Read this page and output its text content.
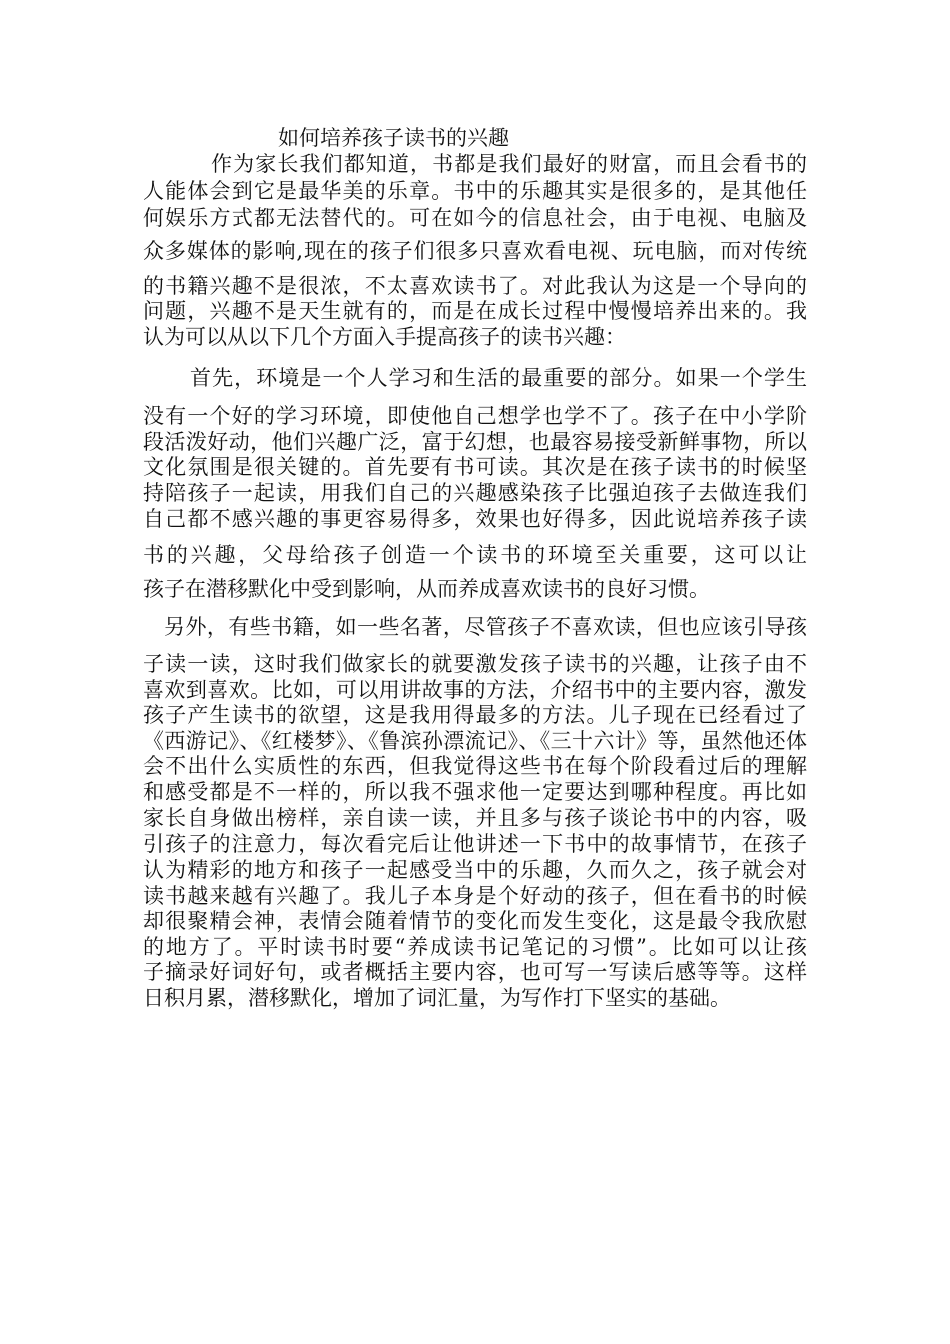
如何培养孩子读书的兴趣
作为家长我们都知道，书都是我们最好的财富，而且会看书的
人能体会到它是最华美的乐章。书中的乐趣其实是很多的，是其他任
何娱乐方式都无法替代的。可在如今的信息社会，由于电视、电脑及
众多媒体的影响,现在的孩子们很多只喜欢看电视、玩电脑，而对传统
的书籍兴趣不是很浓，不太喜欢读书了。对此我认为这是一个导向的
问题，兴趣不是天生就有的，而是在成长过程中慢慢培养出来的。我
认为可以从以下几个方面入手提高孩子的读书兴趣：
首先，环境是一个人学习和生活的最重要的部分。如果一个学生
没有一个好的学习环境，即使他自己想学也学不了。孩子在中小学阶
段活泼好动，他们兴趣广泛，富于幻想，也最容易接受新鲜事物，所以
文化氛围是很关键的。首先要有书可读。其次是在孩子读书的时候坚
持陪孩子一起读，用我们自己的兴趣感染孩子比强迫孩子去做连我们
自己都不感兴趣的事更容易得多，效果也好得多，因此说培养孩子读
书的兴趣，父母给孩子创造一个读书的环境至关重要，这可以让
孩子在潜移默化中受到影响，从而养成喜欢读书的良好习惯。
另外，有些书籍，如一些名著，尽管孩子不喜欢读，但也应该引导孩
子读一读，这时我们做家长的就要激发孩子读书的兴趣，让孩子由不
喜欢到喜欢。比如，可以用讲故事的方法，介绍书中的主要内容，激发
孩子产生读书的欲望，这是我用得最多的方法。儿子现在已经看过了
《西游记》、《红楼梦》、《鲁滨孙漂流记》、《三十六计》等，虽然他还体
会不出什么实质性的东西，但我觉得这些书在每个阶段看过后的理解
和感受都是不一样的，所以我不强求他一定要达到哪种程度。再比如
家长自身做出榜样，亲自读一读，并且多与孩子谈论书中的内容，吸
引孩子的注意力，每次看完后让他讲述一下书中的故事情节，在孩子
认为精彩的地方和孩子一起感受当中的乐趣，久而久之，孩子就会对
读书越来越有兴趣了。我儿子本身是个好动的孩子，但在看书的时候
却很聚精会神，表情会随着情节的变化而发生变化，这是最令我欣慰
的地方了。平时读书时要“养成读书记笔记的习惯”。比如可以让孩
子摘录好词好句，或者概括主要内容，也可写一写读后感等等。这样
日积月累，潜移默化，增加了词汇量，为写作打下坚实的基础。
